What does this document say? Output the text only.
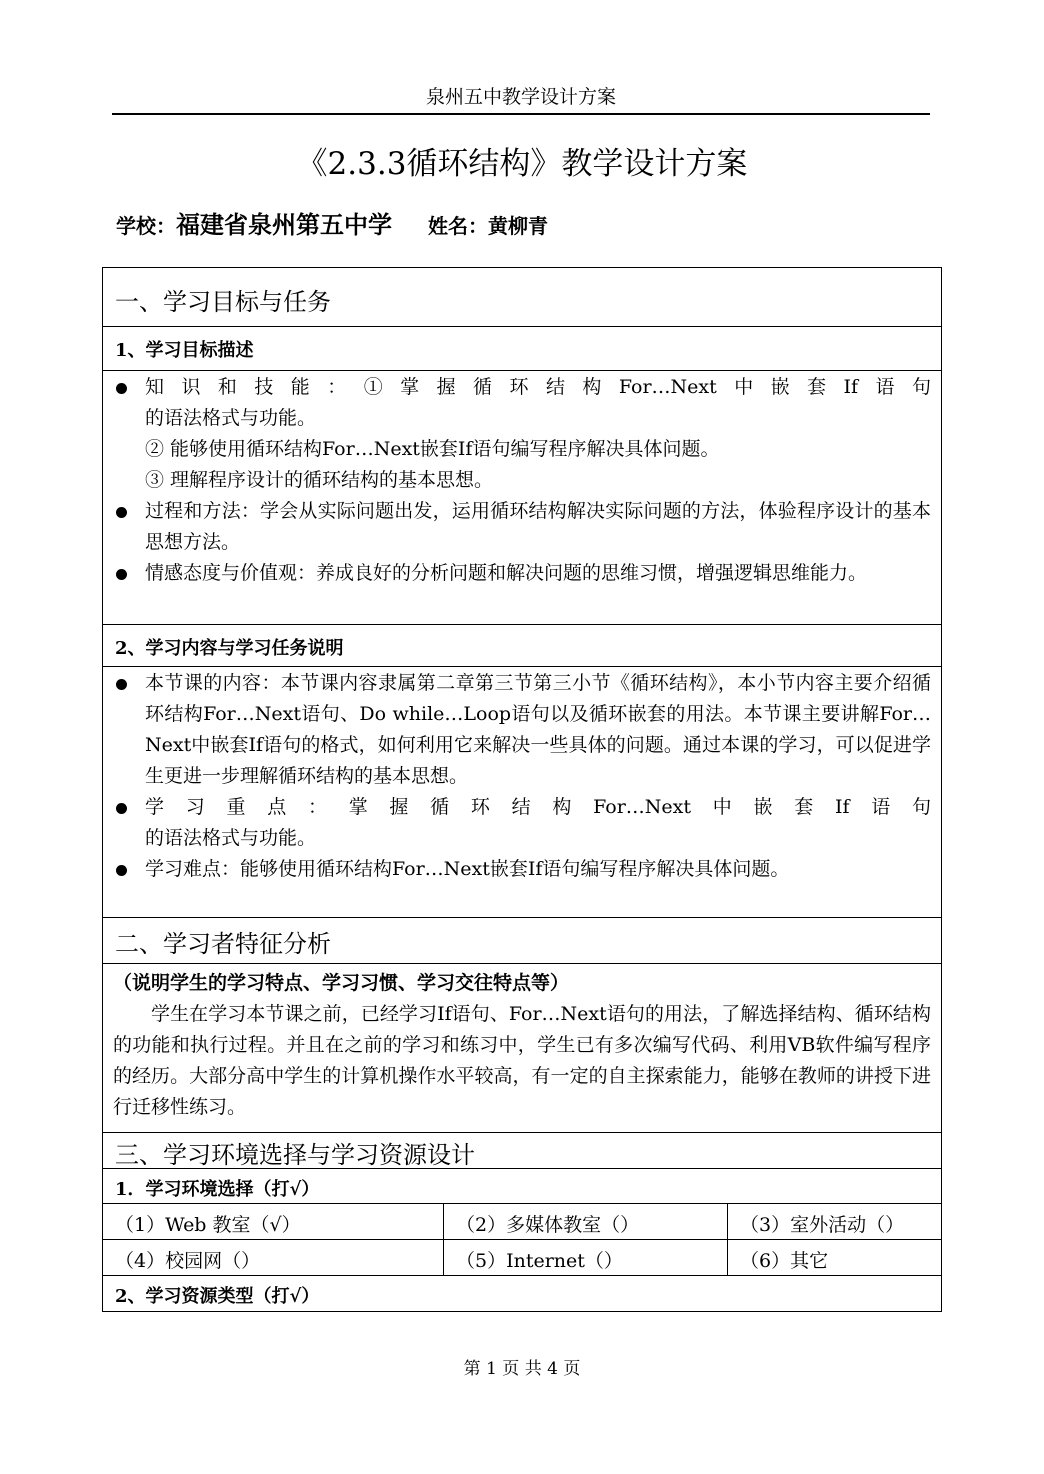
泉州五中教学设计方案
《2.3.3循环结构》教学设计方案
学校：福建省泉州第五中学 姓名：黄柳青
一、学习目标与任务
1、学习目标描述
知识和技能：①掌握循环结构For…Next中嵌套If语句
的语法格式与功能。
② 能够使用循环结构For…Next嵌套If语句编写程序解决具体问题。
③ 理解程序设计的循环结构的基本思想。
过程和方法：学会从实际问题出发，运用循环结构解决实际问题的方法，体验程序设计的基本思想方法。
情感态度与价值观：养成良好的分析问题和解决问题的思维习惯，增强逻辑思维能力。
2、学习内容与学习任务说明
本节课的内容：本节课内容隶属第二章第三节第三小节《循环结构》，本小节内容主要介绍循环结构For…Next语句、Do while…Loop语句以及循环嵌套的用法。本节课主要讲解For…Next中嵌套If语句的格式，如何利用它来解决一些具体的问题。通过本课的学习，可以促进学生更进一步理解循环结构的基本思想。
学习重点：掌握循环结构For…Next中嵌套If语句
的语法格式与功能。
学习难点：能够使用循环结构For…Next嵌套If语句编写程序解决具体问题。
二、学习者特征分析
（说明学生的学习特点、学习习惯、学习交往特点等）
学生在学习本节课之前，已经学习If语句、For…Next语句的用法，了解选择结构、循环结构的功能和执行过程。并且在之前的学习和练习中，学生已有多次编写代码、利用VB软件编写程序的经历。大部分高中学生的计算机操作水平较高，有一定的自主探索能力，能够在教师的讲授下进行迁移性练习。
三、学习环境选择与学习资源设计
1．学习环境选择（打√）
（1）Web 教室（√）	（2）多媒体教室（）	（3）室外活动（）
（4）校园网（）	（5）Internet（）	（6）其它
2、学习资源类型（打√）
第 1 页 共 4 页
